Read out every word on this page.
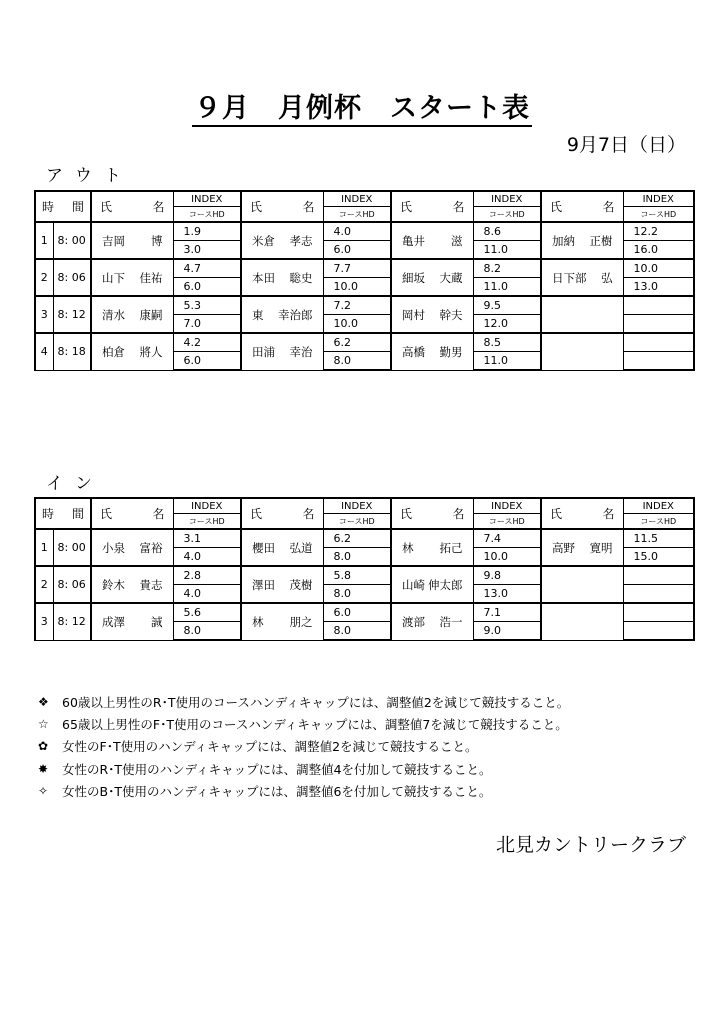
９月　月例杯　スタート表
9月7日（日）
アウト
時 間		氏 名	INDEX	氏 名	INDEX	氏 名	INDEX	氏 名	INDEX
			コースHD		コースHD		コースHD		コースHD
1	8: 00	吉岡 博	1.9	米倉 孝志	4.0	亀井 滋	8.6	加納 正樹	12.2
			3.0		6.0		11.0		16.0
2	8: 06	山下 佳祐	4.7	本田 聡史	7.7	細坂 大蔵	8.2	日下部 弘	10.0
			6.0		10.0		11.0		13.0
3	8: 12	清水 康嗣	5.3	東 幸治郎	7.2	岡村 幹夫	9.5	

			7.0		10.0		12.0		
4	8: 18	柏倉 將人	4.2	田浦 幸治	6.2	高橋 勤男	8.5	

			6.0		8.0		11.0		
イン
時 間		氏 名	INDEX	氏 名	INDEX	氏 名	INDEX	氏 名	INDEX
			コースHD		コースHD		コースHD		コースHD
1	8: 00	小泉 富裕	3.1	櫻田 弘道	6.2	林 拓己	7.4	高野 寛明	11.5
			4.0		8.0		10.0		15.0
2	8: 06	鈴木 貴志	2.8	澤田 茂樹	5.8	山崎 伸太郎	9.8	

			4.0		8.0		13.0		
3	8: 12	成澤 誠	5.6	林 朋之	6.0	渡部 浩一	7.1	

			8.0		8.0		9.0		
❖	60歳以上男性のR･T使用のコースハンディキャップには、調整値2を減じて競技すること。
☆	65歳以上男性のF･T使用のコースハンディキャップには、調整値7を減じて競技すること。
✿	女性のF･T使用のハンディキャップには、調整値2を減じて競技すること。
✸	女性のR･T使用のハンディキャップには、調整値4を付加して競技すること。
✧	女性のB･T使用のハンディキャップには、調整値6を付加して競技すること。
北見カントリークラブ
